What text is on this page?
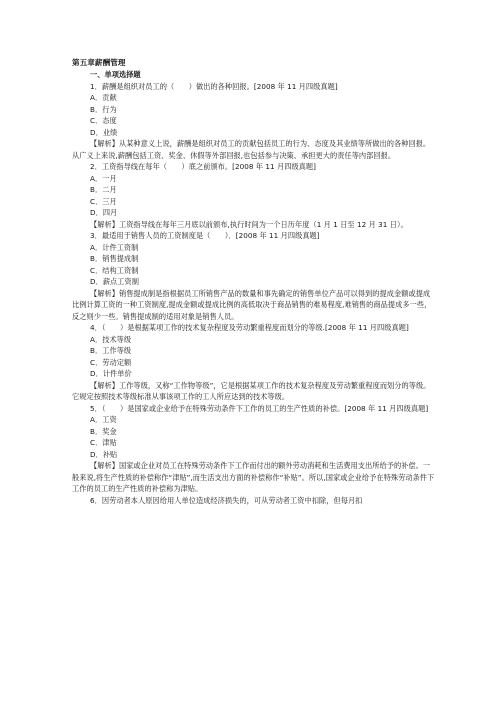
第五章薪酬管理

一、单项选择题

1．薪酬是组织对员工的（　　）做出的各种回报。[2008 年 11 月四级真题]

A．贡献

B．行为

C．态度

D．业绩

【解析】从某种意义上说，薪酬是组织对员工的贡献包括员工的行为、态度及其业绩等所做出的各种回报。从广义上来说,薪酬包括工资、奖金、休假等外部回报,也包括参与决策、承担更大的责任等内部回报。

2．工资指导线在每年（　　）底之前颁布。[2008 年 11 月四级真题]

A．一月

B．二月

C．三月

D．四月

【解析】工资指导线在每年三月底以前颁布,执行时间为一个日历年度（1 月 1 日至 12 月 31 日）。

3．最适用于销售人员的工资制度是（　　）．[2008 年 11 月四级真题]

A．计件工资制

B．销售提成制

C．结构工资制

D．薪点工资制

【解析】销售提成制是指根据员工所销售产品的数量和事先确定的销售单位产品可以得到的提成金额或提成比例计算工资的一种工资制度,提成金额或提成比例的高低取决于商品销售的难易程度,难销售的商品提成多一些，反之则少一些。销售提成制的适用对象是销售人员。

4．（　　）是根据某项工作的技术复杂程度及劳动繁重程度而划分的等级.[2008 年 11 月四级真题]

A．技术等级

B．工作等级

C．劳动定额

D．计件单价

【解析】工作等级，又称“工作物等级”，它是根据某项工作的技术复杂程度及劳动繁重程度而划分的等级。它规定按照技术等级标准从事该项工作的工人所应达到的技术等级。

5．（　　）是国家或企业给予在特殊劳动条件下工作的员工的生产性质的补偿。[2008 年 11 月四级真题]

A．工资

B．奖金

C．津贴

D．补贴

【解析】国家或企业对员工在特殊劳动条件下工作而付出的额外劳动消耗和生活费用支出所给予的补偿。一般来说,将生产性质的补偿称作“津贴”,而生活支出方面的补偿称作“补贴”。所以,国家或企业给予在特殊劳动条件下工作的员工的生产性质的补偿称为津贴。

6．因劳动者本人原因给用人单位造成经济损失的，可从劳动者工资中扣除，但每月扣
